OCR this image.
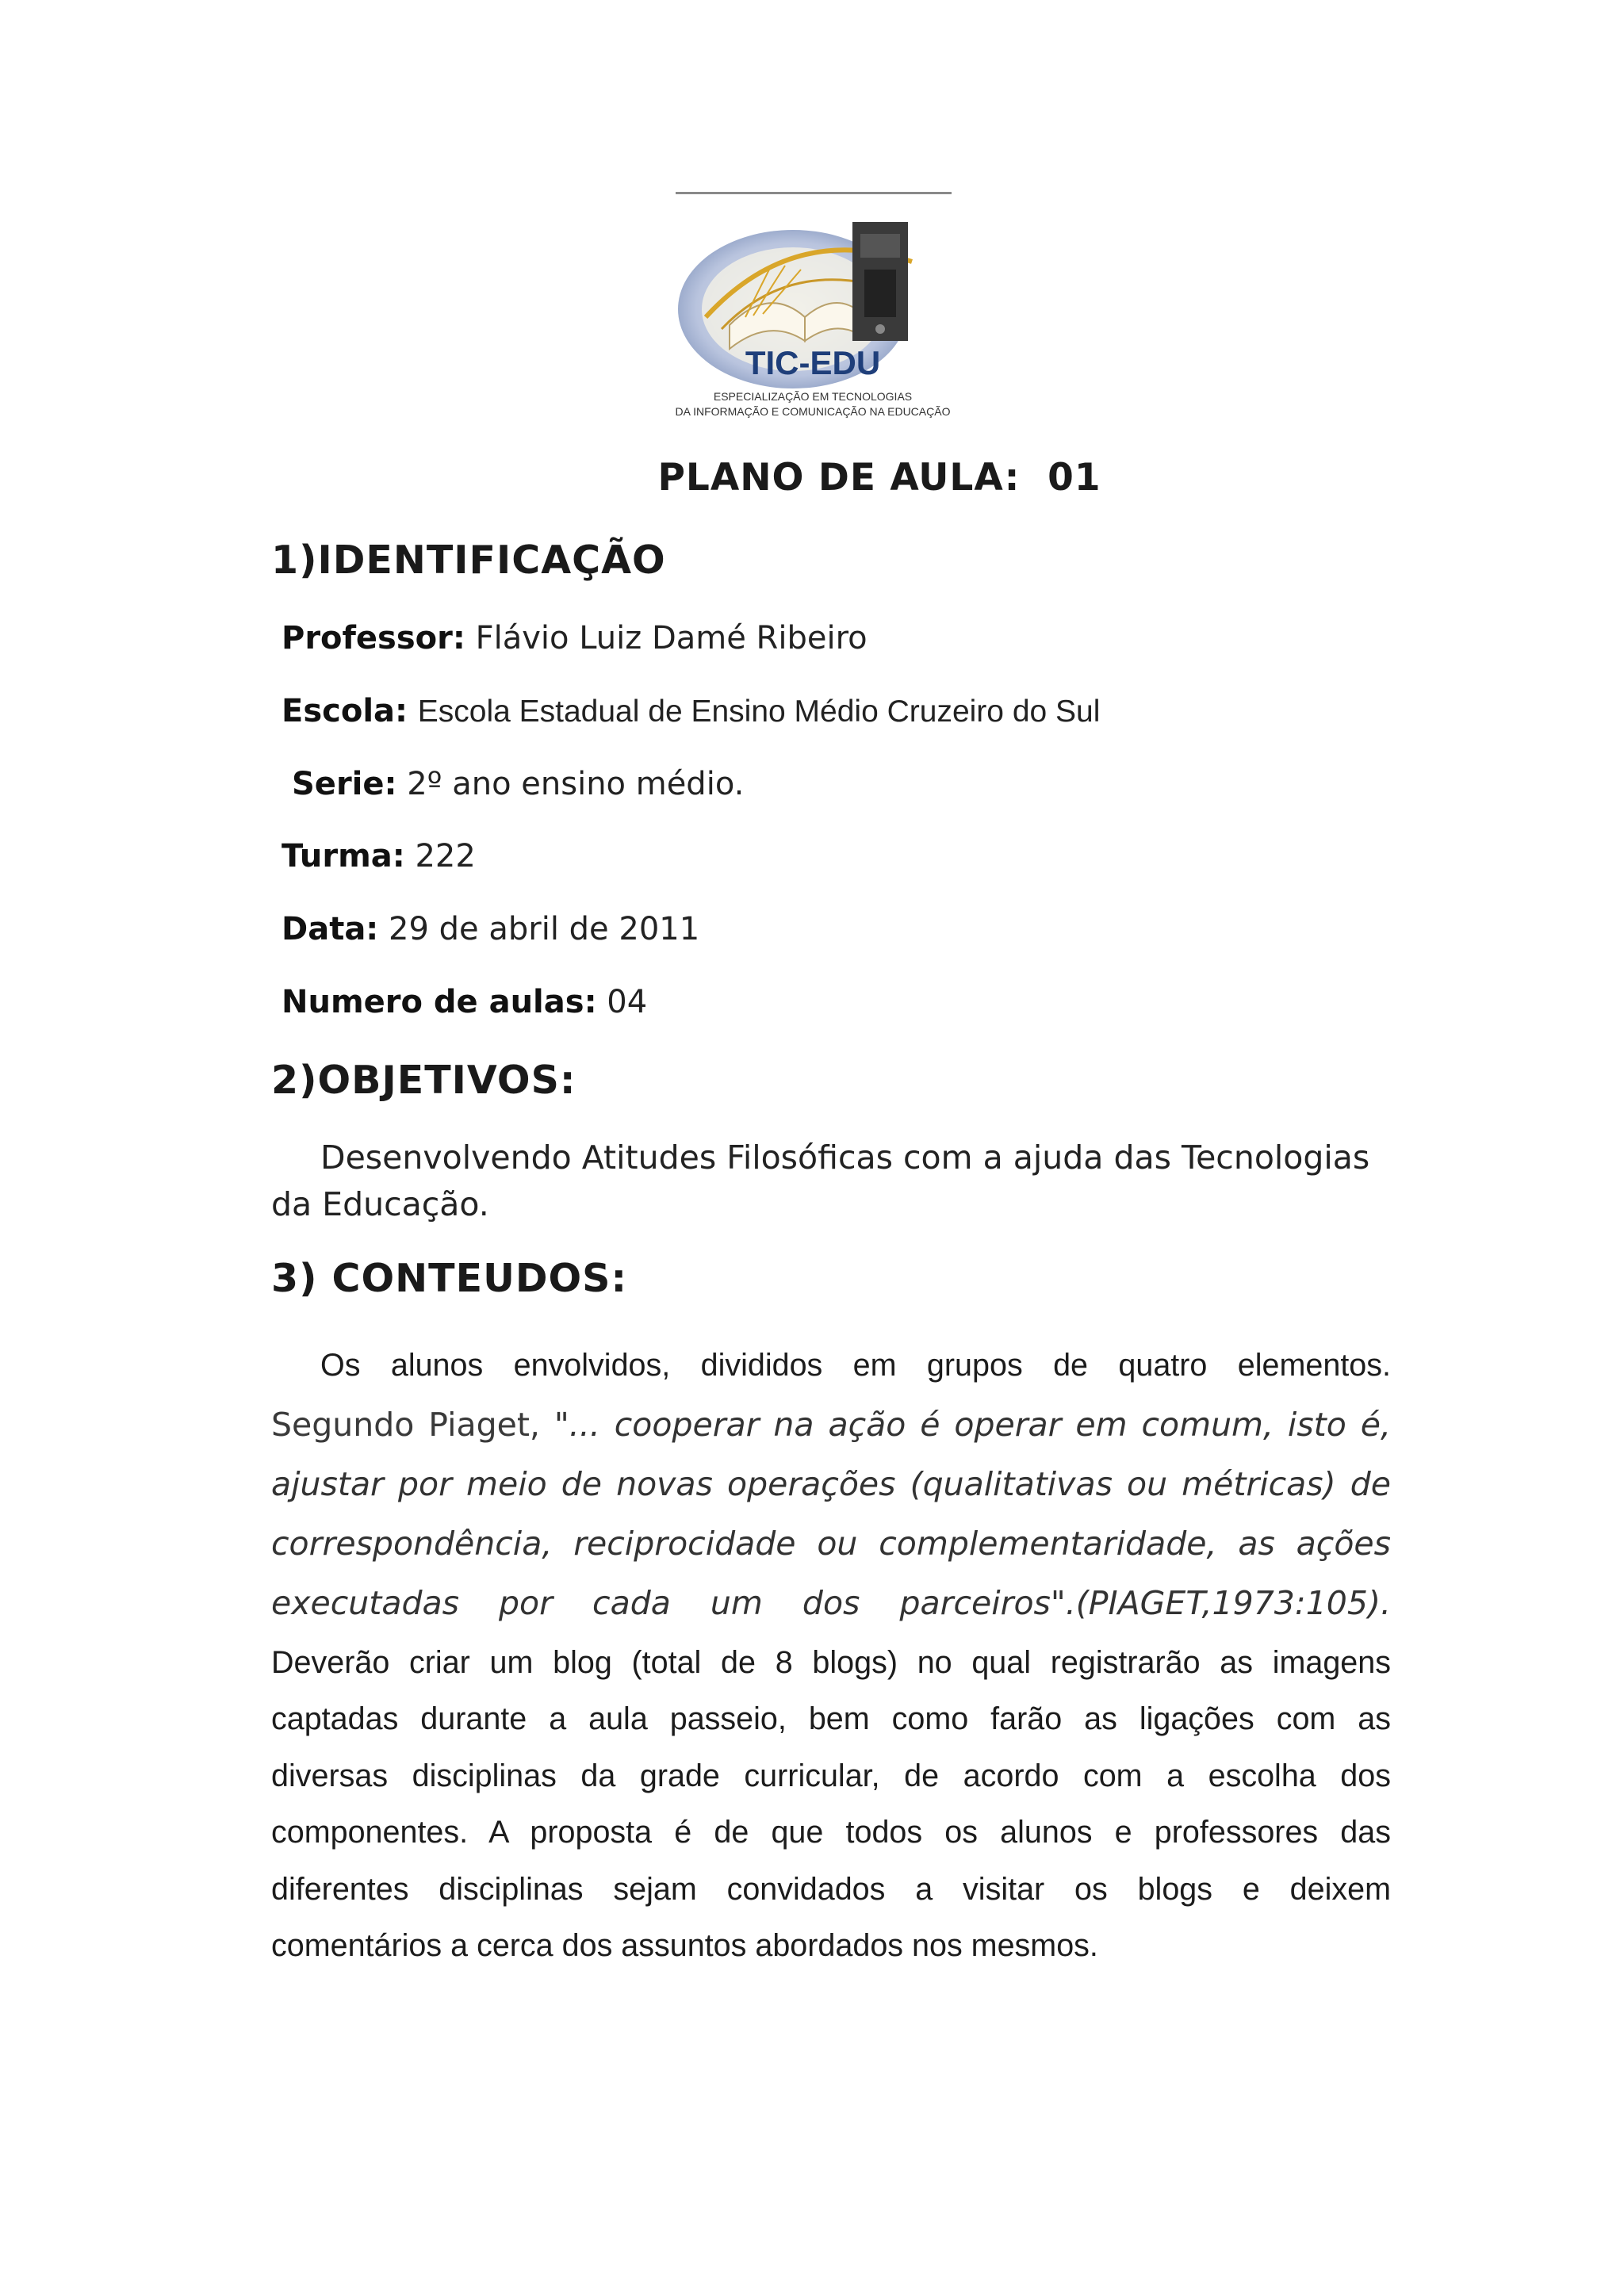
TIC-EDU
ESPECIALIZAÇÃO EM TECNOLOGIAS
DA INFORMAÇÃO E COMUNICAÇÃO NA EDUCAÇÃO
PLANO DE AULA:  01
1)IDENTIFICAÇÃO
Professor: Flávio Luiz Damé Ribeiro
Escola: Escola Estadual de Ensino Médio Cruzeiro do Sul
Serie: 2º ano ensino médio.
Turma: 222
Data: 29 de abril de 2011
Numero de aulas: 04
2)OBJETIVOS:
Desenvolvendo Atitudes Filosóficas com a ajuda das Tecnologias
da Educação.
3) CONTEUDOS:
Os alunos envolvidos, divididos em grupos de quatro elementos.
Segundo Piaget, "... cooperar na ação é operar em comum, isto é,
ajustar por meio de novas operações (qualitativas ou métricas) de
correspondência, reciprocidade ou complementaridade, as ações
executadas por cada um dos parceiros".(PIAGET,1973:105).
Deverão criar um blog (total de 8 blogs) no qual registrarão as imagens
captadas durante a aula passeio, bem como farão as ligações com as
diversas disciplinas da grade curricular, de acordo com a escolha dos
componentes. A proposta é de que todos os alunos e professores das
diferentes disciplinas sejam convidados a visitar os blogs e deixem
comentários a cerca dos assuntos abordados nos mesmos.
